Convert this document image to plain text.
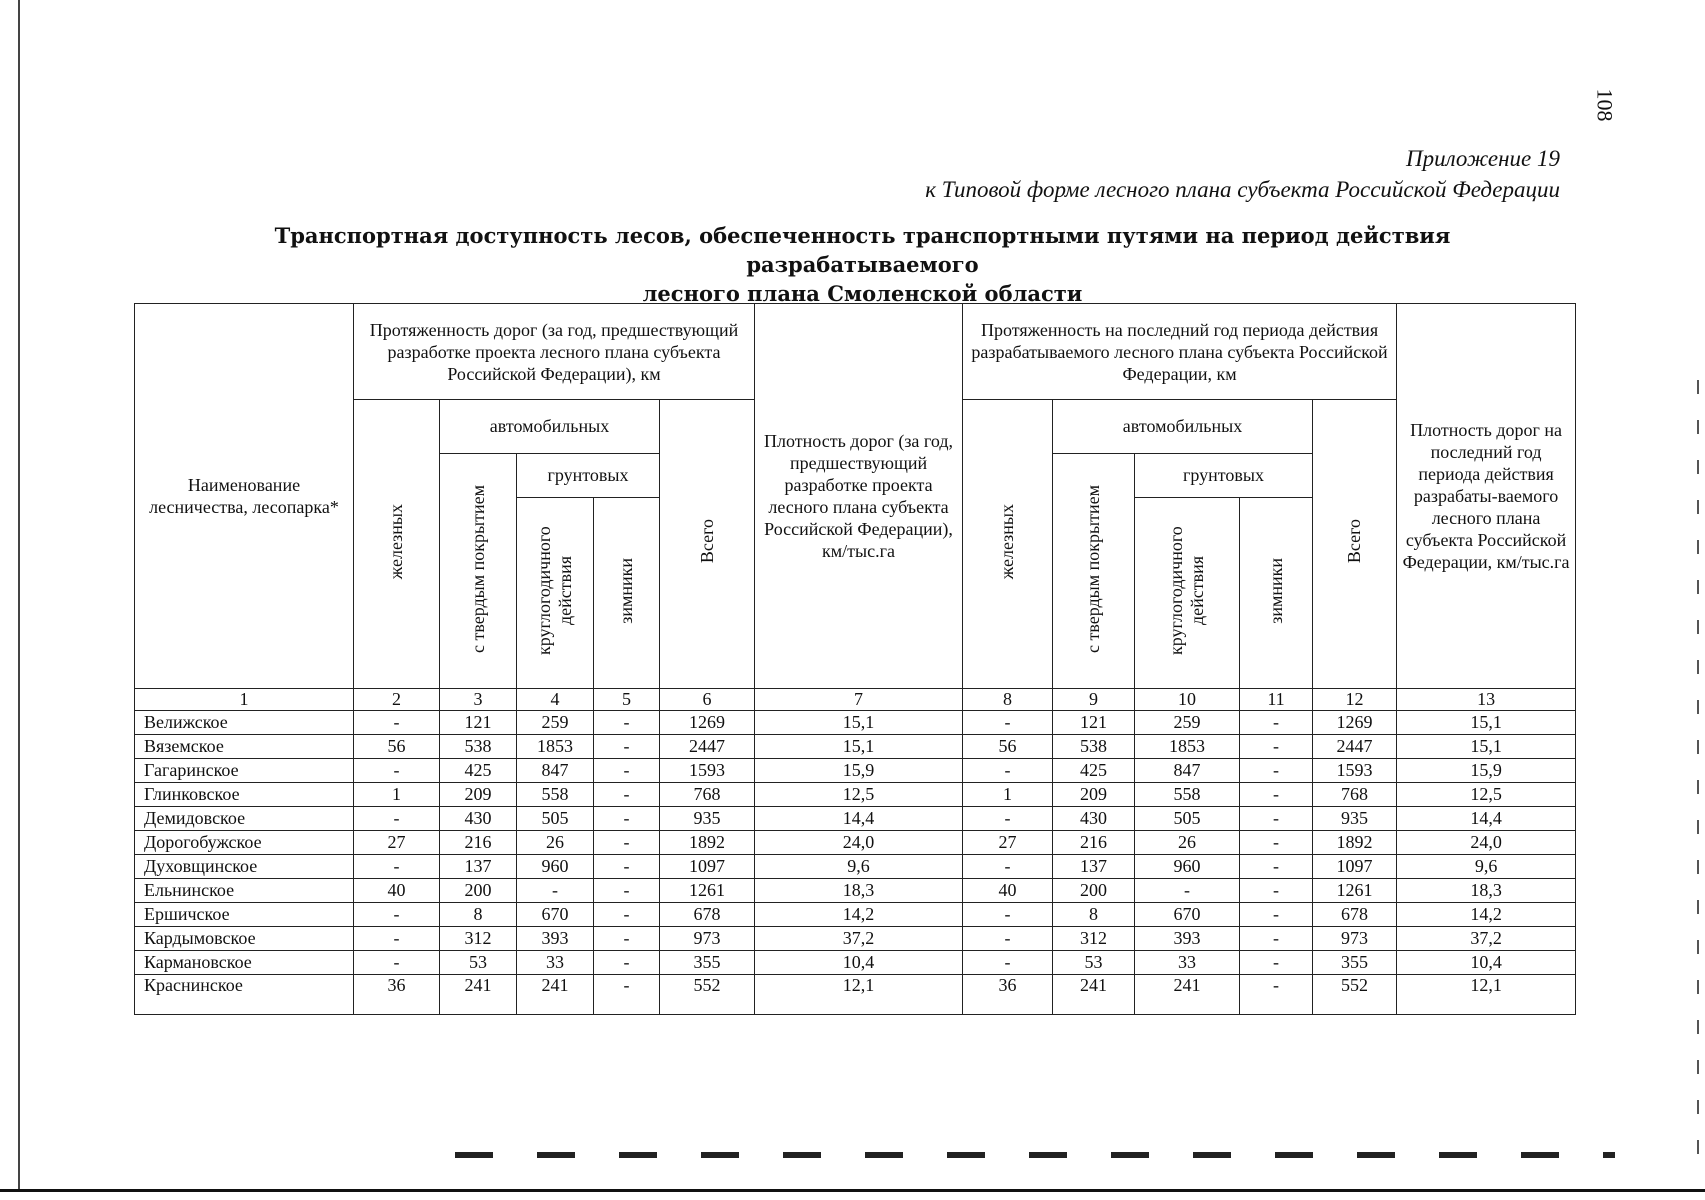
108
Приложение 19
к Типовой форме лесного плана субъекта Российской Федерации
Транспортная доступность лесов, обеспеченность транспортными путями на период действия разрабатываемого
лесного плана Смоленской области
Наименование лесничества, лесопарка*	Протяженность дорог (за год, предшествующий разработке проекта лесного плана субъекта Российской Федерации), км					Плотность дорог (за год, предшествующий разработке проекта лесного плана субъекта Российской Федерации), км/тыс.га	Протяженность на последний год периода действия разрабатываемого лесного плана субъекта Российской Федерации, км					Плотность дорог на последний год периода действия разрабаты-ваемого лесного плана субъекта Российской Федерации, км/тыс.га
	железных	автомобильных			Всего		железных	автомобильных			Всего	
		с твердым покрытием	грунтовых					с твердым покрытием	грунтовых			
			круглогодичного действия	зимники					круглогодичного действия	зимники		
1	2	3	4	5	6	7	8	9	10	11	12	13
Велижское	-	121	259	-	1269	15,1	-	121	259	-	1269	15,1
Вяземское	56	538	1853	-	2447	15,1	56	538	1853	-	2447	15,1
Гагаринское	-	425	847	-	1593	15,9	-	425	847	-	1593	15,9
Глинковское	1	209	558	-	768	12,5	1	209	558	-	768	12,5
Демидовское	-	430	505	-	935	14,4	-	430	505	-	935	14,4
Дорогобужское	27	216	26	-	1892	24,0	27	216	26	-	1892	24,0
Духовщинское	-	137	960	-	1097	9,6	-	137	960	-	1097	9,6
Ельнинское	40	200	-	-	1261	18,3	40	200	-	-	1261	18,3
Ершичское	-	8	670	-	678	14,2	-	8	670	-	678	14,2
Кардымовское	-	312	393	-	973	37,2	-	312	393	-	973	37,2
Кармановское	-	53	33	-	355	10,4	-	53	33	-	355	10,4
Краснинское	36	241	241	-	552	12,1	36	241	241	-	552	12,1
